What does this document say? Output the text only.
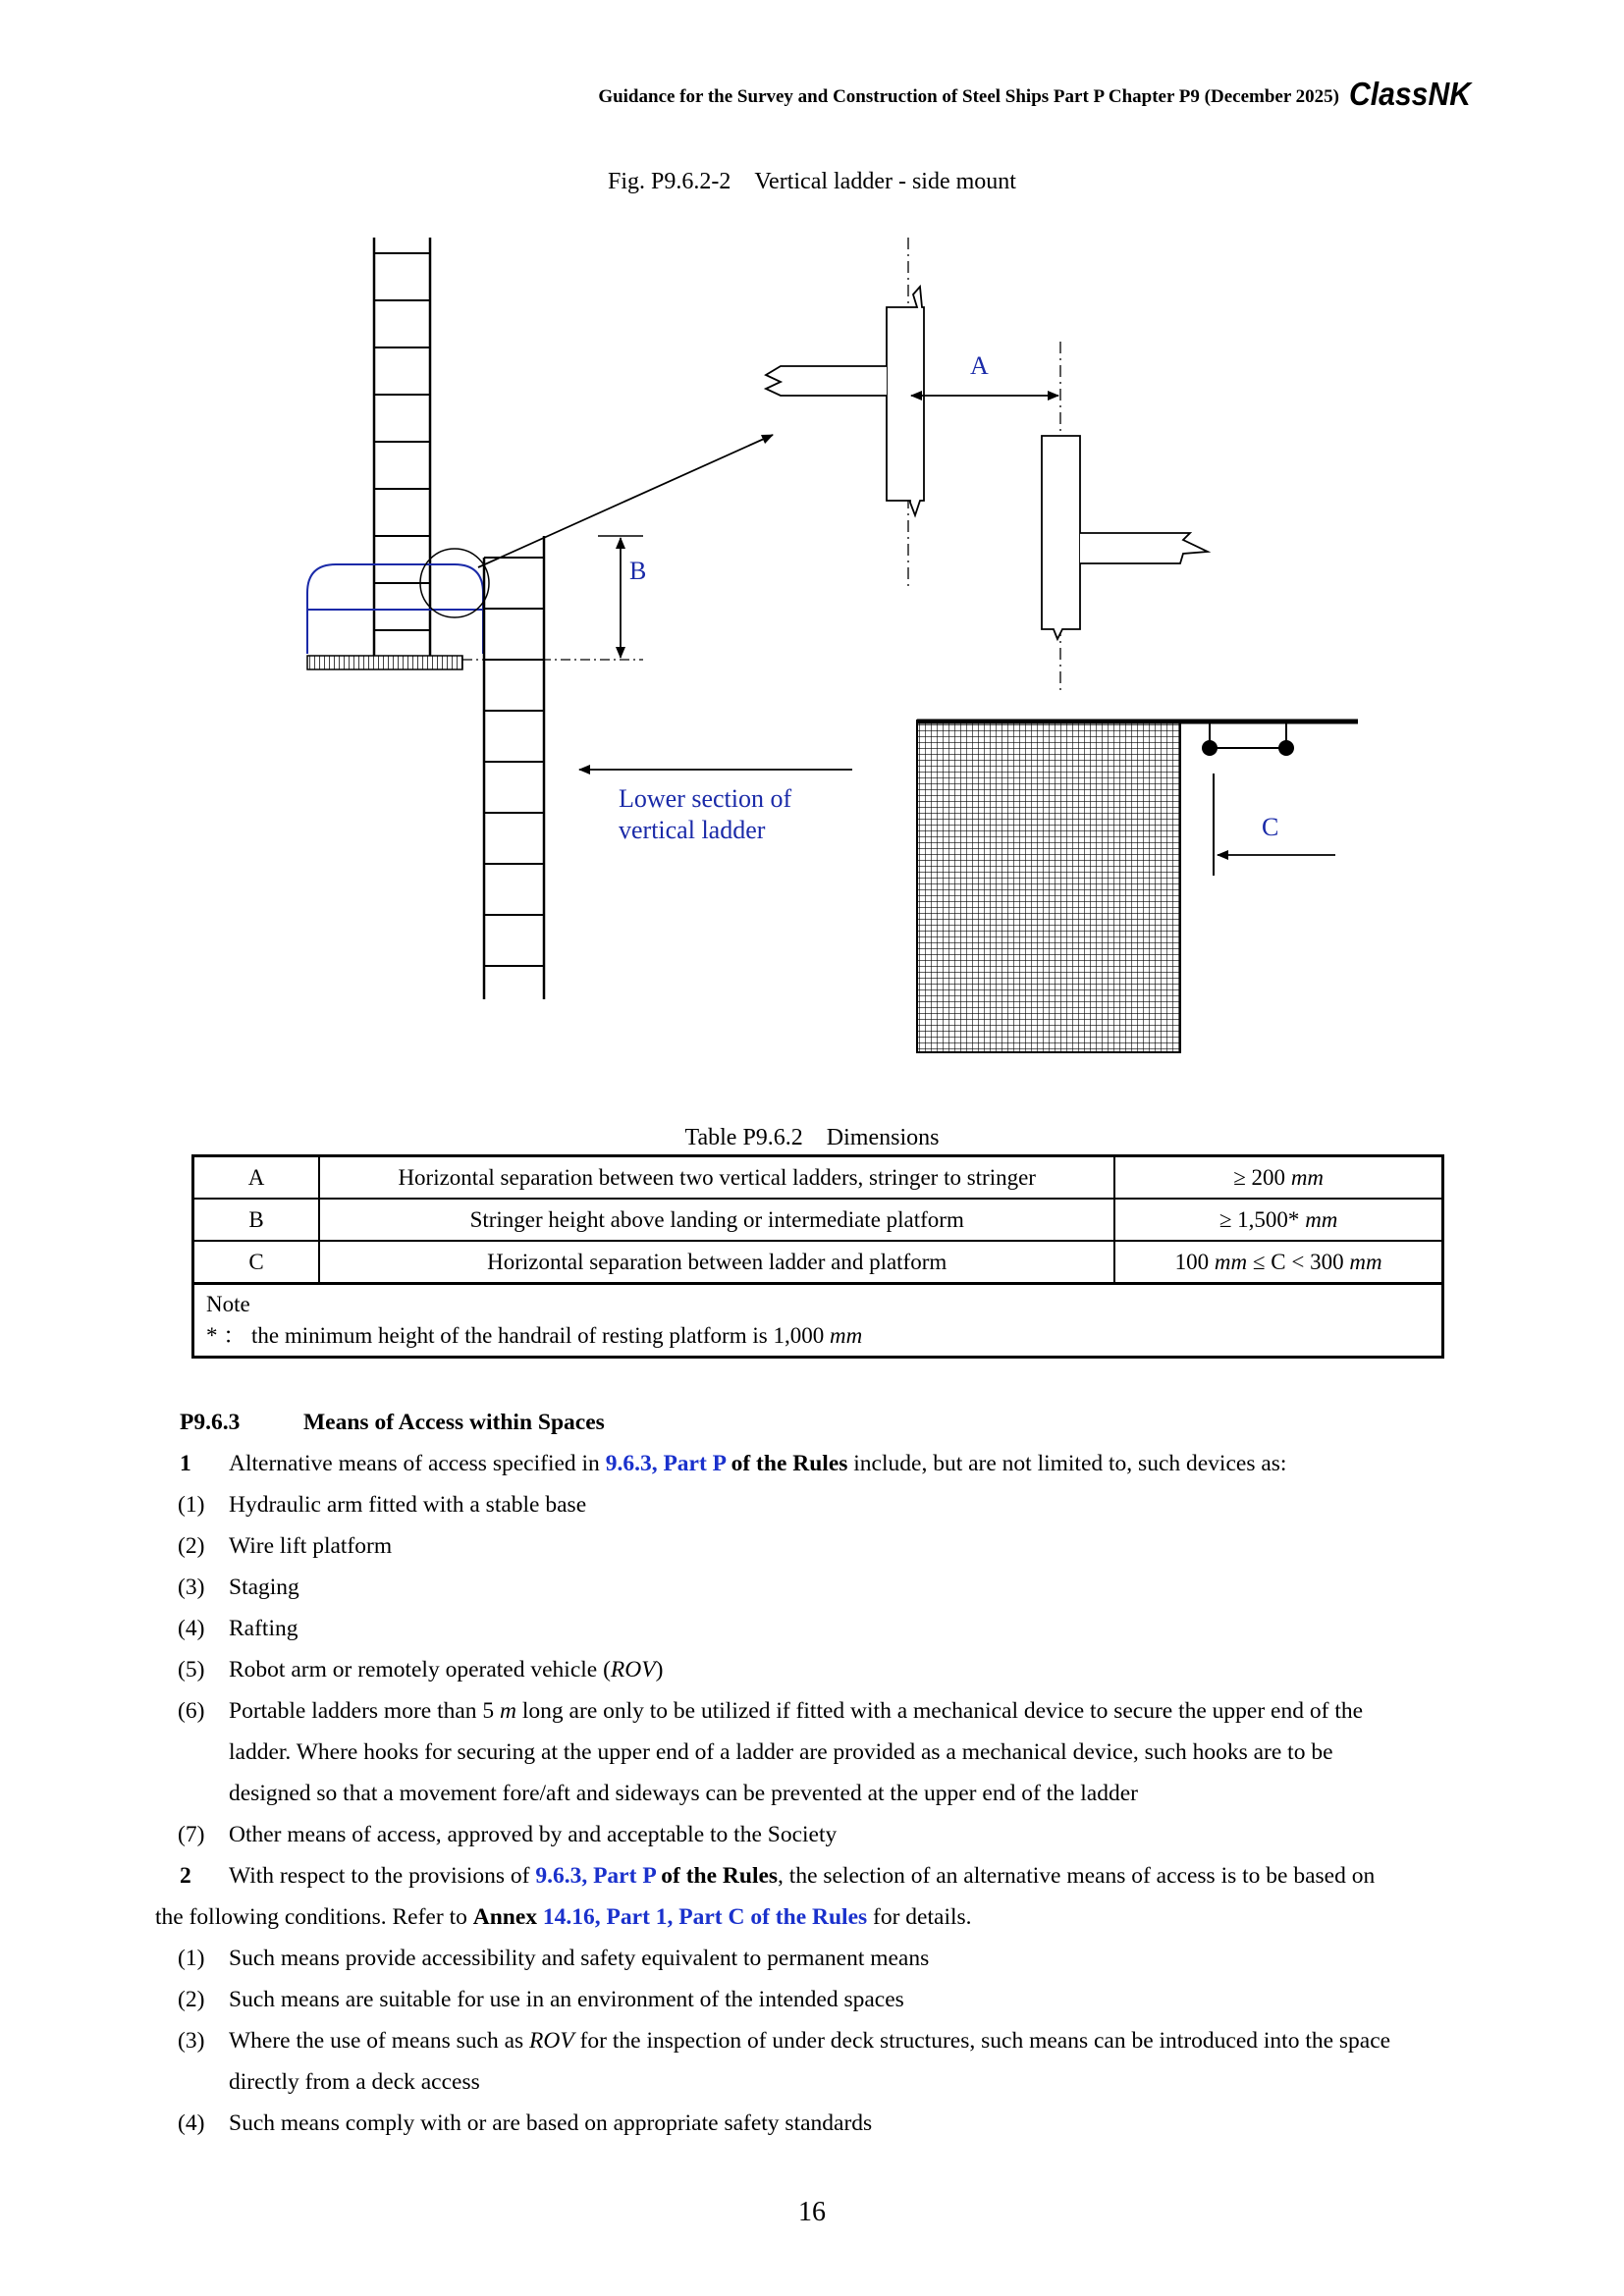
Guidance for the Survey and Construction of Steel Ships Part P Chapter P9 (December 2025) ClassNK
Fig. P9.6.2-2 Vertical ladder - side mount
B
Lower section of
vertical ladder
A
C
Table P9.6.2 Dimensions
A	Horizontal separation between two vertical ladders, stringer to stringer	≥ 200 mm
B	Stringer height above landing or intermediate platform	≥ 1,500* mm
C	Horizontal separation between ladder and platform	100 mm ≤ C < 300 mm

Note
* ： the minimum height of the handrail of resting platform is 1,000 mm		
P9.6.3	Means of Access within Spaces
1 Alternative means of access specified in 9.6.3, Part P of the Rules include, but are not limited to, such devices as:
(1) Hydraulic arm fitted with a stable base
(2) Wire lift platform
(3) Staging
(4) Rafting
(5) Robot arm or remotely operated vehicle (ROV)
(6) Portable ladders more than 5 m long are only to be utilized if fitted with a mechanical device to secure the upper end of the
ladder. Where hooks for securing at the upper end of a ladder are provided as a mechanical device, such hooks are to be
designed so that a movement fore/aft and sideways can be prevented at the upper end of the ladder
(7) Other means of access, approved by and acceptable to the Society
2 With respect to the provisions of 9.6.3, Part P of the Rules, the selection of an alternative means of access is to be based on
the following conditions. Refer to Annex 14.16, Part 1, Part C of the Rules for details.
(1) Such means provide accessibility and safety equivalent to permanent means
(2) Such means are suitable for use in an environment of the intended spaces
(3) Where the use of means such as ROV for the inspection of under deck structures, such means can be introduced into the space
directly from a deck access
(4) Such means comply with or are based on appropriate safety standards
16
